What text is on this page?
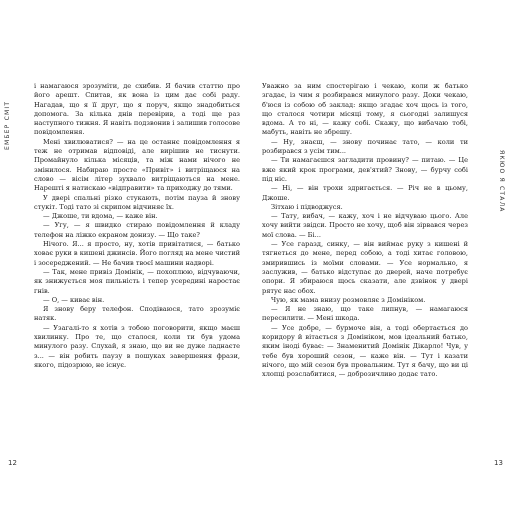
ЕМБЕР СМІТ

і намагаюся зрозуміти, де схибив. Я бачив статтю про його арешт. Спитав, як вона із цим дає собі раду. Нагадав, що я її друг, що я поруч, якщо знадобиться допомога. За кілька днів перевірив, а тоді ще раз наступного тижня. Я навіть подзвонив і залишив голосове повідомлення.

Мені хвилюватися? — на це останнє повідомлення я теж не отримав відповіді, але вирішив не тиснути. Промайнуло кілька місяців, та між нами нічого не змінилося. Набираю просте «Привіт» і витріщаюся на слово — вісім літер зухвало витріщаються на мене. Нарешті я натискаю «відправити» та приходжу до тями.

У двері спальні різко стукають, потім пауза й знову стукіт. Тоді тато зі скрипом відчиняє їх.

— Джоше, ти вдома, — каже він.

— Угу, — я швидко стираю повідомлення й кладу телефон на ліжко екраном донизу. — Що таке?

Нічого. Я... я просто, ну, хотів привітатися, — батько ховає руки в кишені джинсів. Його погляд на мене чистий і зосереджений. — Не бачив твоєї машини надворі.

— Так, мене привіз Домінік, — похоплюю, відчуваючи, як знижується моя пильність і тепер усередині наростає гнів.

— О, — киває він.

Я знову беру телефон. Сподіваюся, тато зрозуміє натяк.

— Узагалі-то я хотів з тобою поговорити, якщо маєш хвилинку. Про те, що сталося, коли ти був удома минулого разу. Слухай, я знаю, що ви не дуже ладнаєте з... — він робить паузу в пошуках завершення фрази, якого, підозрюю, не існує.

12
ЯКЮО Я СТАЛА

Уважно за ним спостерігаю і чекаю, коли ж батько згадає, із чим я розбирався минулого разу. Доки чекаю, б'юся із собою об заклад: якщо згадає хоч щось із того, що сталося чотири місяці тому, я сьогодні залишуся вдома. А то ні, — кажу собі. Скажу, що вибачаю тобі, мабуть, навіть не збрешу.

— Ну, знаєш, — знову починає тато, — коли ти розбирався з усім тим...

— Ти намагаєшся загладити провину? — питаю. — Це вже який крок програми, дев'ятий? Знову, — бурчу собі під ніс.

— Ні, — він трохи здригається. — Річ не в цьому, Джоше.

Зітхаю і підводжуся.

— Тату, вибач, — кажу, хоч і не відчуваю цього. Але хочу вийти звідси. Просто не хочу, щоб він зірвався через мої слова. — Бі...

— Усе гаразд, синку, — він виймає руку з кишені й тягнеться до мене, перед собою, а тоді хитає головою, змирившись із моїми словами. — Усе нормально, я заслужив, — батько відступає до дверей, наче потребує опори. Я збираюся щось сказати, але дзвінок у двері рятує нас обох.

Чую, як мама внизу розмовляє з Домініком.

— Я не знаю, що таке липнув, — намагаюся пересилити. — Мені шкода.

— Усе добре, — бурмоче він, а тоді обертається до коридору й вітається з Домініком, мов ідеальний батько, яким іноді буває: — Знаменитий Домінік Дікарло! Чув, у тебе був хороший сезон, — каже він. — Тут і казати нічого, що мій сезон був провальним. Тут я бачу, що ви ці хлопці розслабитися, — доброзичливо додає тато.

13
